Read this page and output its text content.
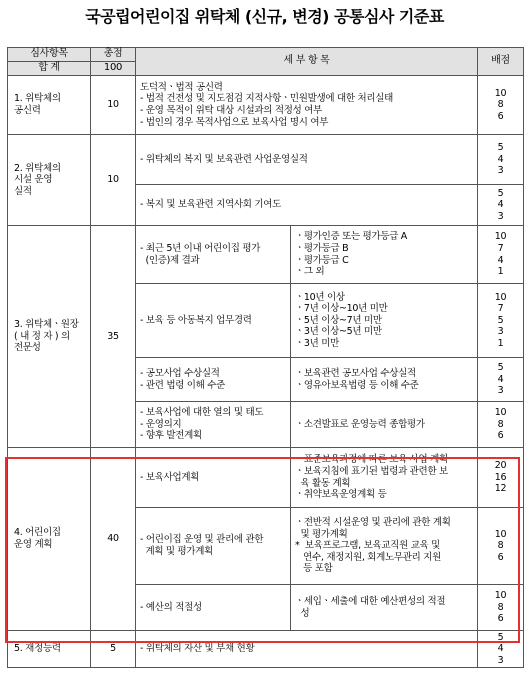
국공립어린이집 위탁체 (신규, 변경) 공통심사 기준표
심사항목	총점	세 부 항 목		배점
합 계	100			
1. 위탁체의
공신력	10	도덕적ㆍ법적 공신력
- 법적 건전성 및 지도점검 지적사항ㆍ민원발생에 대한 처리실태
- 운영 목적이 위탁 대상 시설과의 적정성 여부
- 법인의 경우 목적사업으로 보육사업 명시 여부		10
8
6

2. 위탁체의
시설 운영
실적	10	- 위탁체의 복지 및 보육관련 사업운영실적		5
4
3

		- 복지 및 보육관련 지역사회 기여도		5
4
3

3. 위탁체ㆍ원장
( 내 정 자 ) 의
전문성	35	- 최근 5년 이내 어린이집 평가
(인증)제 결과	ㆍ평가인증 또는 평가등급 A
ㆍ평가등급 B
ㆍ평가등급 C
ㆍ그 외	10
7
4
1

		- 보육 등 아동복지 업무경력	ㆍ10년 이상
ㆍ7년 이상~10년 미만
ㆍ5년 이상~7년 미만
ㆍ3년 이상~5년 미만
ㆍ3년 미만	10
7
5
3
1

		- 공모사업 수상실적
- 관련 법령 이해 수준	ㆍ보육관련 공모사업 수상실적
ㆍ영유아보육법령 등 이해 수준	5
4
3

		- 보육사업에 대한 열의 및 태도
- 운영의지
- 향후 발전계획	ㆍ소견발표로 운영능력 종합평가	10
8
6

4. 어린이집
운영 계획	40	- 보육사업계획	ㆍ표준보육과정에 따른 보육 사업 계획
ㆍ보육지침에 표기된 법령과 관련한 보
육 활동 계획
ㆍ취약보육운영계획 등	20
16
12

		- 어린이집 운영 및 관리에 관한
계획 및 평가계획	ㆍ전반적 시설운영 및 관리에 관한 계획
및 평가계획
*  보육프로그램, 보육교직원 교육 및
연수, 재정지원, 회계노무관리 지원
등 포함	10
8
6

		- 예산의 적절성	ㆍ세입ㆍ세출에 대한 예산편성의 적절
성	10
8
6

5. 재정능력	5	- 위탁체의 자산 및 부채 현황		5
4
3
